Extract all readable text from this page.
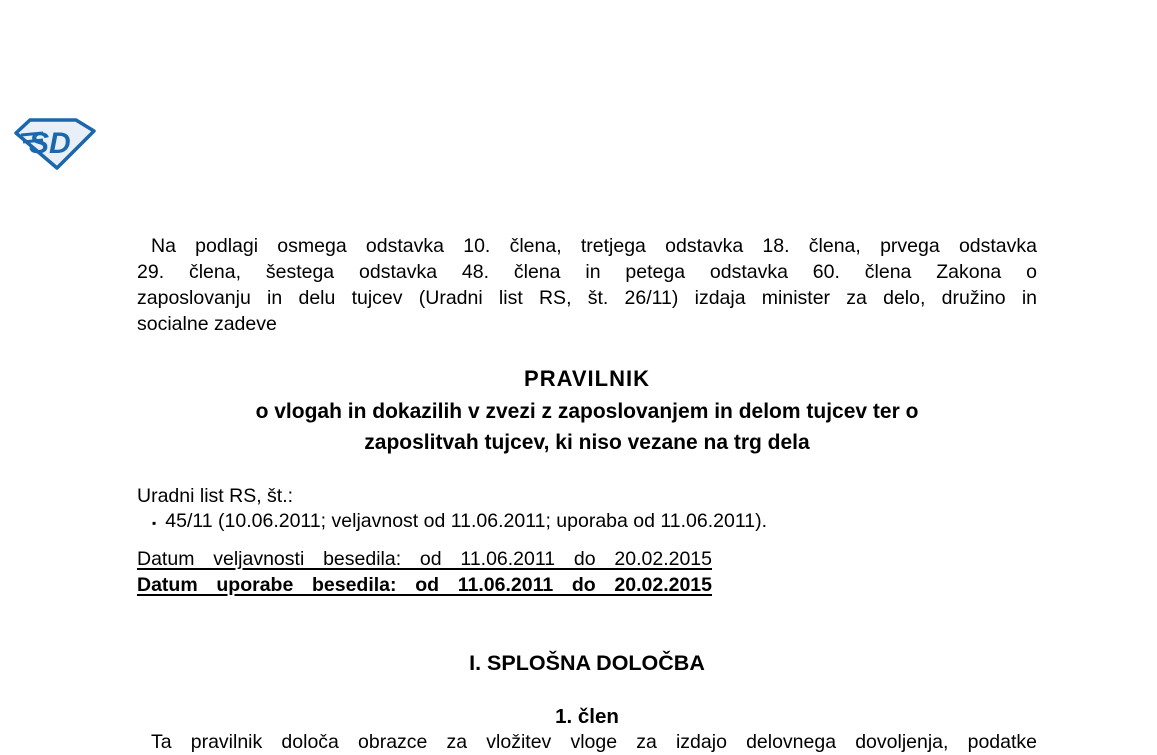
SD
Na podlagi osmega odstavka 10. člena, tretjega odstavka 18. člena, prvega odstavka
29. člena, šestega odstavka 48. člena in petega odstavka 60. člena Zakona o
zaposlovanju in delu tujcev (Uradni list RS, št. 26/11) izdaja minister za delo, družino in
socialne zadeve
PRAVILNIK
o vlogah in dokazilih v zvezi z zaposlovanjem in delom tujcev ter o
zaposlitvah tujcev, ki niso vezane na trg dela
Uradni list RS, št.:
▪ 45/11 (10.06.2011; veljavnost od 11.06.2011; uporaba od 11.06.2011).
Datum veljavnosti besedila: od 11.06.2011 do 20.02.2015
Datum uporabe besedila: od 11.06.2011 do 20.02.2015
I. SPLOŠNA DOLOČBA
1. člen
Ta pravilnik določa obrazce za vložitev vloge za izdajo delovnega dovoljenja, podatke
